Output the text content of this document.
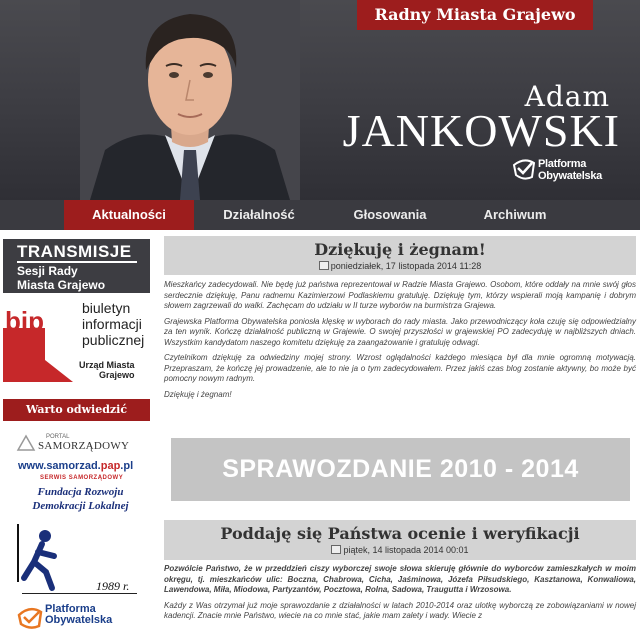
Radny Miasta Grajewo
Adam
JANKOWSKI
Platforma
Obywatelska
Aktualności	Działalność	Głosowania	Archiwum
TRANSMISJE
Sesji Rady
Miasta Grajewo
bip	biuletyn
informacji
publicznej
Urząd Miasta
Grajewo
Warto odwiedzić
PORTAL
SAMORZĄDOWY
www.samorzad.pap.pl
SERWIS SAMORZĄDOWY
Fundacja Rozwoju
Demokracji Lokalnej
1989 r.
Platforma
Obywatelska
Dziękuję i żegnam!
poniedziałek, 17 listopada 2014 11:28

Mieszkańcy zadecydowali. Nie będę już państwa reprezentował w Radzie Miasta Grajewo. Osobom, które oddały na mnie swój głos serdecznie dziękuję, Panu radnemu Kazimierzowi Podlaskiemu gratuluję. Dziękuję tym, którzy wspierali moją kampanię i dobrym słowem zagrzewali do walki. Zachęcam do udziału w II turze wyborów na burmistrza Grajewa.

Grajewska Platforma Obywatelska poniosła klęskę w wyborach do rady miasta. Jako przewodniczący koła czuję się odpowiedzialny za ten wynik. Kończę działalność publiczną w Grajewie. O swojej przyszłości w grajewskiej PO zadecyduję w najbliższych dniach. Wszystkim kandydatom naszego komitetu dziękuję za zaangażowanie i gratuluję odwagi.

Czytelnikom dziękuję za odwiedziny mojej strony. Wzrost oglądalności każdego miesiąca był dla mnie ogromną motywacją. Przepraszam, że kończę jej prowadzenie, ale to nie ja o tym zadecydowałem. Przez jakiś czas blog zostanie aktywny, bo może być pomocny nowym radnym.

Dziękuję i żegnam!

SPRAWOZDANIE 2010 - 2014
Poddaję się Państwa ocenie i weryfikacji
piątek, 14 listopada 2014 00:01

Pozwólcie Państwo, że w przeddzień ciszy wyborczej swoje słowa skieruję głównie do wyborców zamieszkałych w moim okręgu, tj. mieszkańców ulic: Boczna, Chabrowa, Cicha, Jaśminowa, Józefa Piłsudskiego, Kasztanowa, Konwaliowa, Lawendowa, Miła, Miodowa, Partyzantów, Pocztowa, Rolna, Sadowa, Traugutta i Wrzosowa.

Każdy z Was otrzymał już moje sprawozdanie z działalności w latach 2010-2014 oraz ulotkę wyborczą ze zobowiązaniami w nowej kadencji. Znacie mnie Państwo, wiecie na co mnie stać, jakie mam zalety i wady. Wiecie z
